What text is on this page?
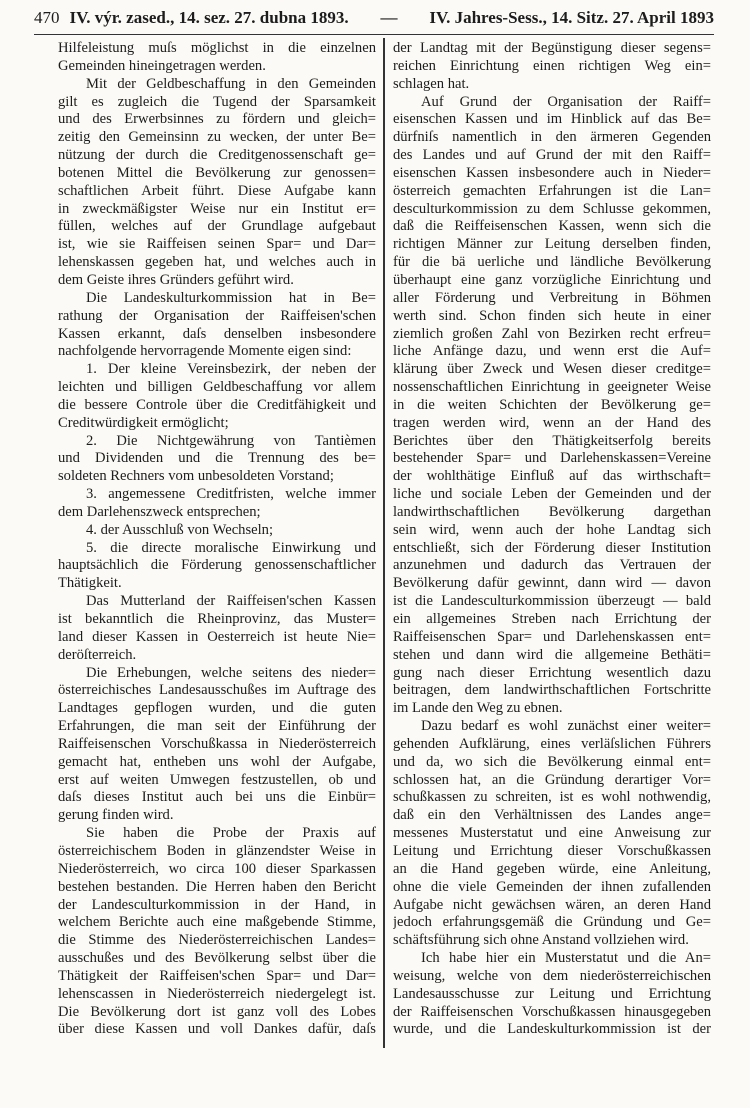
470 IV. výr. zased., 14. sez. 27. dubna 1893. — IV. Jahres-Sess., 14. Sitz. 27. April 1893
Hilfeleistung muſs möglichst in die einzelnen
Gemeinden hineingetragen werden.
Mit der Geldbeschaffung in den Gemeinden
gilt es zugleich die Tugend der Sparsamkeit
und des Erwerbsinnes zu fördern und gleich=
zeitig den Gemeinsinn zu wecken, der unter Be=
nützung der durch die Creditgenossenschaft ge=
botenen Mittel die Bevölkerung zur genossen=
schaftlichen Arbeit führt. Diese Aufgabe kann
in zweckmäßigster Weise nur ein Institut er=
füllen, welches auf der Grundlage aufgebaut
ist, wie sie Raiffeisen seinen Spar= und Dar=
lehenskassen gegeben hat, und welches auch in
dem Geiste ihres Gründers geführt wird.
Die Landeskulturkommission hat in Be=
rathung der Organisation der Raiffeisen'schen
Kassen erkannt, daſs denselben insbesondere
nachfolgende hervorragende Momente eigen sind:
1. Der kleine Vereinsbezirk, der neben der
leichten und billigen Geldbeschaffung vor allem
die bessere Controle über die Creditfähigkeit und
Creditwürdigkeit ermöglicht;
2. Die Nichtgewährung von Tantièmen
und Dividenden und die Trennung des be=
soldeten Rechners vom unbesoldeten Vorstand;
3. angemessene Creditfristen, welche immer
dem Darlehenszweck entsprechen;
4. der Ausschluß von Wechseln;
5. die directe moralische Einwirkung und
hauptsächlich die Förderung genossenschaftlicher
Thätigkeit.
Das Mutterland der Raiffeisen'schen Kassen
ist bekanntlich die Rheinprovinz, das Muster=
land dieser Kassen in Oesterreich ist heute Nie=
deröſterreich.
Die Erhebungen, welche seitens des nieder=
österreichisches Landesausschußes im Auftrage des
Landtages gepflogen wurden, und die guten
Erfahrungen, die man seit der Einführung der
Raiffeisenschen Vorschußkassa in Niederösterreich
gemacht hat, entheben uns wohl der Aufgabe,
erst auf weiten Umwegen festzustellen, ob und
daſs dieses Institut auch bei uns die Einbür=
gerung finden wird.
Sie haben die Probe der Praxis auf
österreichischem Boden in glänzendster Weise in
Niederösterreich, wo circa 100 dieser Sparkassen
bestehen bestanden. Die Herren haben den Bericht
der Landesculturkommission in der Hand, in
welchem Berichte auch eine maßgebende Stimme,
die Stimme des Niederösterreichischen Landes=
ausschußes und des Bevölkerung selbst über die
Thätigkeit der Raiffeisen'schen Spar= und Dar=
lehenscassen in Niederösterreich niedergelegt ist.
Die Bevölkerung dort ist ganz voll des Lobes
über diese Kassen und voll Dankes dafür, daſs
der Landtag mit der Begünstigung dieser segens=
reichen Einrichtung einen richtigen Weg ein=
schlagen hat.
Auf Grund der Organisation der Raiff=
eisenschen Kassen und im Hinblick auf das Be=
dürfniſs namentlich in den ärmeren Gegenden
des Landes und auf Grund der mit den Raiff=
eisenschen Kassen insbesondere auch in Nieder=
österreich gemachten Erfahrungen ist die Lan=
desculturkommission zu dem Schlusse gekommen,
daß die Reiffeisenschen Kassen, wenn sich die
richtigen Männer zur Leitung derselben finden,
für die bä uerliche und ländliche Bevölkerung
überhaupt eine ganz vorzügliche Einrichtung und
aller Förderung und Verbreitung in Böhmen
werth sind. Schon finden sich heute in einer
ziemlich großen Zahl von Bezirken recht erfreu=
liche Anfänge dazu, und wenn erst die Auf=
klärung über Zweck und Wesen dieser creditge=
nossenschaftlichen Einrichtung in geeigneter Weise
in die weiten Schichten der Bevölkerung ge=
tragen werden wird, wenn an der Hand des
Berichtes über den Thätigkeitserfolg bereits
bestehender Spar= und Darlehenskassen=Vereine
der wohlthätige Einfluß auf das wirthschaft=
liche und sociale Leben der Gemeinden und der
landwirthschaftlichen Bevölkerung dargethan
sein wird, wenn auch der hohe Landtag sich
entschließt, sich der Förderung dieser Institution
anzunehmen und dadurch das Vertrauen der
Bevölkerung dafür gewinnt, dann wird — davon
ist die Landesculturkommission überzeugt — bald
ein allgemeines Streben nach Errichtung der
Raiffeisenschen Spar= und Darlehenskassen ent=
stehen und dann wird die allgemeine Bethäti=
gung nach dieser Errichtung wesentlich dazu
beitragen, dem landwirthschaftlichen Fortschritte
im Lande den Weg zu ebnen.
Dazu bedarf es wohl zunächst einer weiter=
gehenden Aufklärung, eines verläſslichen Führers
und da, wo sich die Bevölkerung einmal ent=
schlossen hat, an die Gründung derartiger Vor=
schußkassen zu schreiten, ist es wohl nothwendig,
daß ein den Verhältnissen des Landes ange=
messenes Musterstatut und eine Anweisung zur
Leitung und Errichtung dieser Vorschußkassen
an die Hand gegeben würde, eine Anleitung,
ohne die viele Gemeinden der ihnen zufallenden
Aufgabe nicht gewächsen wären, an deren Hand
jedoch erfahrungsgemäß die Gründung und Ge=
schäftsführung sich ohne Anstand vollziehen wird.
Ich habe hier ein Musterstatut und die An=
weisung, welche von dem niederösterreichischen
Landesausschusse zur Leitung und Errichtung
der Raiffeisenschen Vorschußkassen hinausgegeben
wurde, und die Landeskulturkommission ist der
